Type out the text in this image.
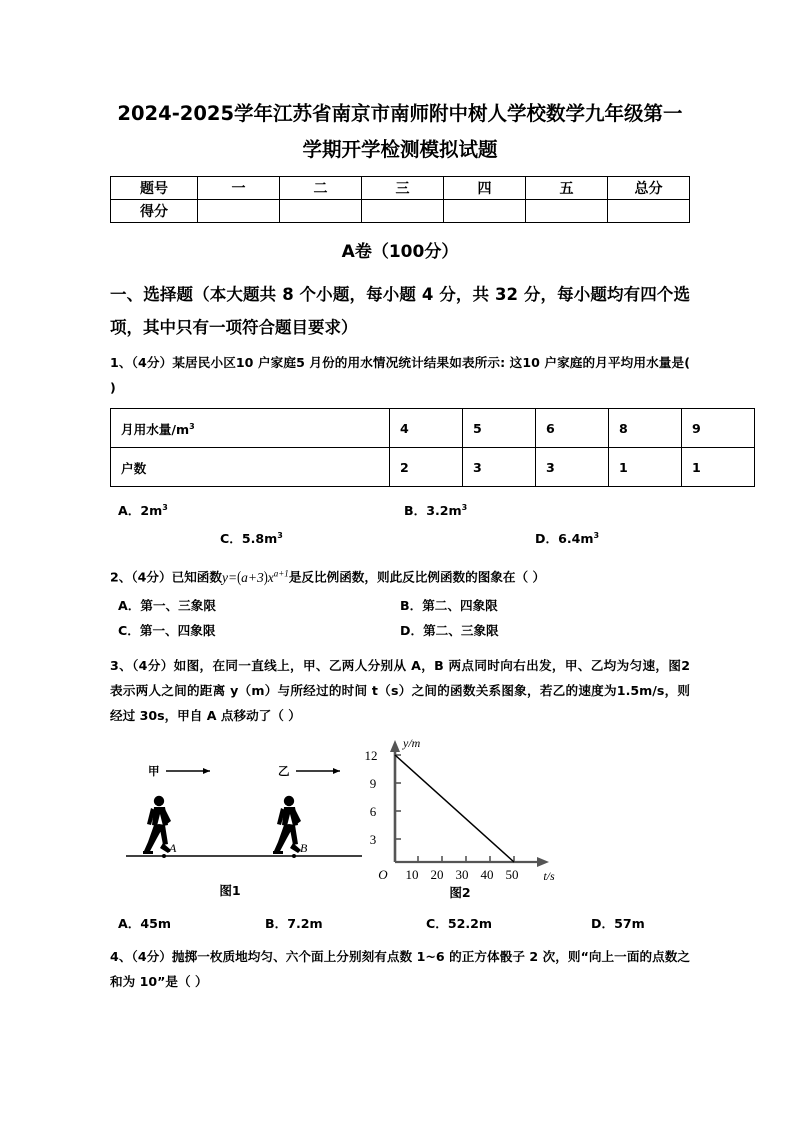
2024-2025学年江苏省南京市南师附中树人学校数学九年级第一学期开学检测模拟试题
题号	一	二	三	四	五	总分
得分						
A卷（100分）
一、选择题（本大题共 8 个小题，每小题 4 分，共 32 分，每小题均有四个选项，其中只有一项符合题目要求）
1、（4分）某居民小区10 户家庭5 月份的用水情况统计结果如表所示: 这10 户家庭的月平均用水量是( )
月用水量$/m^3$	4	5	6	8	9
户数	2	3	3	1	1
A．$2m^3$	B．$3.2m^3$
C．$5.8m^3$	D．$6.4m^3$
2、（4分）已知函数$y=(a+3)x^{a+1}$是反比例函数，则此反比例函数的图象在（ ）
A．第一、三象限	B．第二、四象限
C．第一、四象限	D．第二、三象限
3、（4分）如图，在同一直线上，甲、乙两人分别从 A，B 两点同时向右出发，甲、乙均为匀速，图2 表示两人之间的距离 y（m）与所经过的时间 t（s）之间的函数关系图象，若乙的速度为1.5m/s，则经过 30s，甲自 A 点移动了（ ）
甲	乙
A	B
图1
3
6
9
12
O 10 20 30 40 50
y/m
t/s
图2
A．45m	B．7.2m	C．52.2m	D．57m
4、（4分）抛掷一枚质地均匀、六个面上分别刻有点数 1~6 的正方体骰子 2 次，则“向上一面的点数之和为 10”是（ ）
